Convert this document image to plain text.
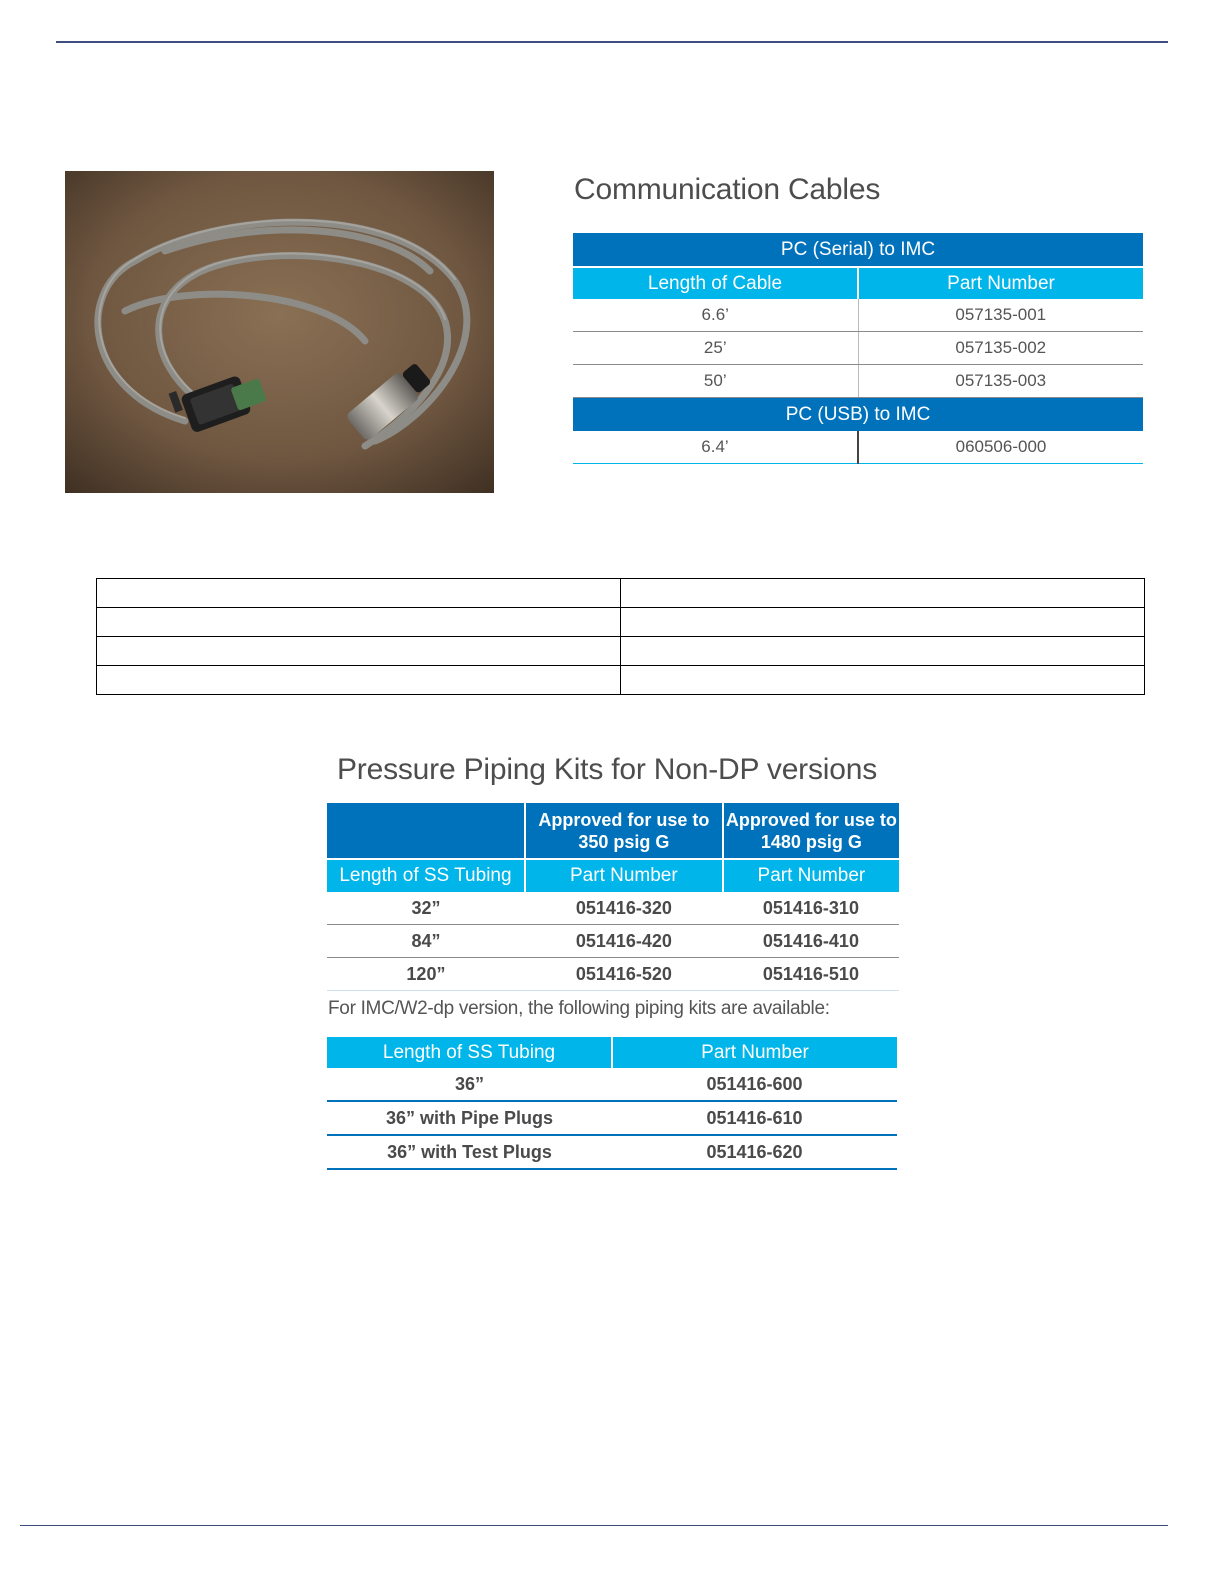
Communication Cables
PC (Serial) to IMC	
Length of Cable	Part Number
6.6’	057135-001
25’	057135-002
50’	057135-003
PC (USB) to IMC	
6.4’	060506-000

Pressure Piping Kits for Non-DP versions
	Approved for use to 350 psig G	Approved for use to 1480 psig G
Length of SS Tubing	Part Number	Part Number
32”	051416-320	051416-310
84”	051416-420	051416-410
120”	051416-520	051416-510

For IMC/W2-dp version, the following piping kits are available:

Length of SS Tubing	Part Number
36”	051416-600
36” with Pipe Plugs	051416-610
36” with Test Plugs	051416-620
